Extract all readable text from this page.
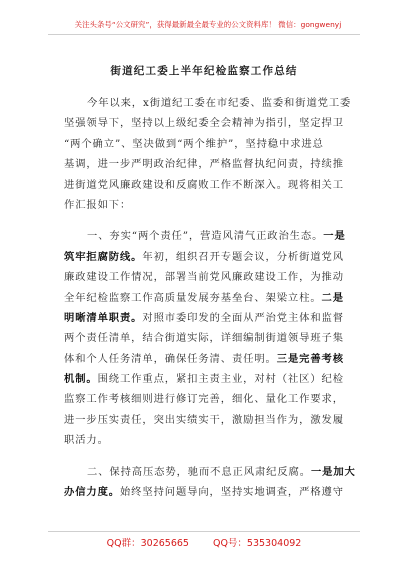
关注头条号“公文研究”，获得最新最全最专业的公文资料库！ 微信：gongwenyj
街道纪工委上半年纪检监察工作总结
今年以来，x街道纪工委在市纪委、监委和街道党工委
坚强领导下，坚持以上级纪委全会精神为指引，坚定捍卫
“两个确立”、坚决做到“两个维护”，坚持稳中求进总
基调，进一步严明政治纪律，严格监督执纪问责，持续推
进街道党风廉政建设和反腐败工作不断深入。现将相关工
作汇报如下：
一、夯实“两个责任”，营造风清气正政治生态。一是
筑牢拒腐防线。年初，组织召开专题会议，分析街道党风
廉政建设工作情况，部署当前党风廉政建设工作，为推动
全年纪检监察工作高质量发展夯基垒台、架梁立柱。二是
明晰清单职责。对照市委印发的全面从严治党主体和监督
两个责任清单，结合街道实际，详细编制街道领导班子集
体和个人任务清单，确保任务清、责任明。三是完善考核
机制。围绕工作重点，紧扣主责主业，对村（社区）纪检
监察工作考核细则进行修订完善，细化、量化工作要求，
进一步压实责任，突出实绩实干，激励担当作为，激发履
职活力。
二、保持高压态势，驰而不息正风肃纪反腐。一是加大
办信力度。始终坚持问题导向，坚持实地调查，严格遵守
QQ群：30265665	QQ号：535304092
